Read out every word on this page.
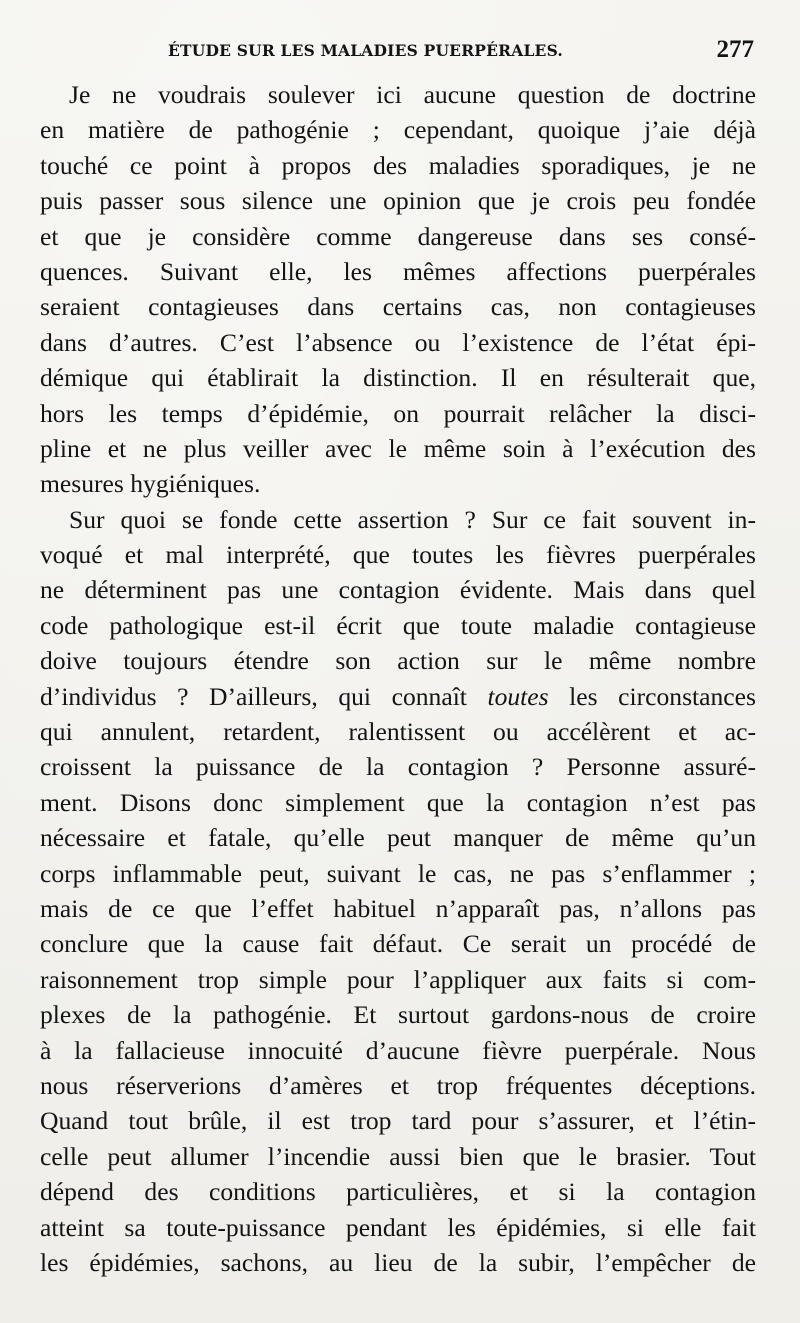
ÉTUDE SUR LES MALADIES PUERPÉRALES.	277
Je ne voudrais soulever ici aucune question de doctrine
en matière de pathogénie ; cependant, quoique j’aie déjà
touché ce point à propos des maladies sporadiques, je ne
puis passer sous silence une opinion que je crois peu fondée
et que je considère comme dangereuse dans ses consé-
quences. Suivant elle, les mêmes affections puerpérales
seraient contagieuses dans certains cas, non contagieuses
dans d’autres. C’est l’absence ou l’existence de l’état épi-
démique qui établirait la distinction. Il en résulterait que,
hors les temps d’épidémie, on pourrait relâcher la disci-
pline et ne plus veiller avec le même soin à l’exécution des
mesures hygiéniques.
Sur quoi se fonde cette assertion ? Sur ce fait souvent in-
voqué et mal interprété, que toutes les fièvres puerpérales
ne déterminent pas une contagion évidente. Mais dans quel
code pathologique est-il écrit que toute maladie contagieuse
doive toujours étendre son action sur le même nombre
d’individus ? D’ailleurs, qui connaît toutes les circonstances
qui annulent, retardent, ralentissent ou accélèrent et ac-
croissent la puissance de la contagion ? Personne assuré-
ment. Disons donc simplement que la contagion n’est pas
nécessaire et fatale, qu’elle peut manquer de même qu’un
corps inflammable peut, suivant le cas, ne pas s’enflammer ;
mais de ce que l’effet habituel n’apparaît pas, n’allons pas
conclure que la cause fait défaut. Ce serait un procédé de
raisonnement trop simple pour l’appliquer aux faits si com-
plexes de la pathogénie. Et surtout gardons-nous de croire
à la fallacieuse innocuité d’aucune fièvre puerpérale. Nous
nous réserverions d’amères et trop fréquentes déceptions.
Quand tout brûle, il est trop tard pour s’assurer, et l’étin-
celle peut allumer l’incendie aussi bien que le brasier. Tout
dépend des conditions particulières, et si la contagion
atteint sa toute-puissance pendant les épidémies, si elle fait
les épidémies, sachons, au lieu de la subir, l’empêcher de
